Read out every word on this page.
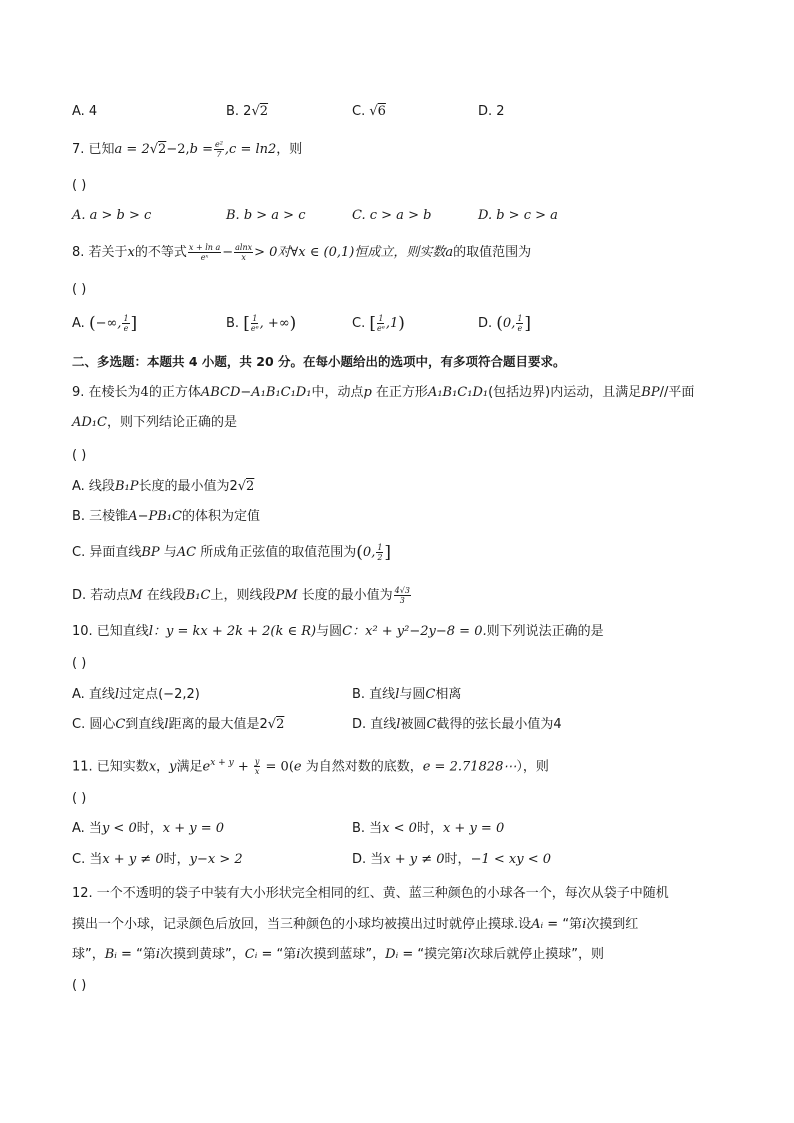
A. 4	B. 2√2	C. √6	D. 2
7. 已知$a = 2√2-2,b = \frac{\text{e²}}{7} ,c = \ln 2$，则
( )
A. a > b > c	B. b > a > c	C. c > a > b	D. b > c > a
8. 若关于x的不等式 $\frac{\text{x + ln a}}{\text{eˣ}} - \frac{alnx}{x} > 0$对∀x ∈ (0,1)恒成立，则实数a的取值范围为
( )
A. (−∞, $\frac{1}{e}$ ]	B. [ $\frac{1}{\text{eᵉ}}$ , +∞)	C. [ $\frac{1}{\text{eᵉ}} ,1$)	D. (0, $\frac{1}{e}$ ]
二、多选题：本题共 4 小题，共 20 分。在每小题给出的选项中，有多项符合题目要求。
9. 在棱长为4的正方体ABCD−A₁B₁C₁D₁中，动点p 在正方形A₁B₁C₁D₁(包括边界)内运动，且满足BP//平面
AD₁C，则下列结论正确的是
( )
A. 线段B₁P长度的最小值为2√2
B. 三棱锥A−PB₁C的体积为定值
C. 异面直线BP 与AC 所成角正弦值的取值范围为(0, $\frac{1}{2}$ ]
D. 若动点M 在线段B₁C上，则线段PM 长度的最小值为 $\frac{4√3}{3}$
10. 已知直线l：y = kx + 2k + 2(k ∈ R)与圆C：x² + y²−2y−8 = 0.则下列说法正确的是
( )
A. 直线l过定点(−2,2)	B. 直线l与圆C相离
C. 圆心C到直线l距离的最大值是2√2	D. 直线l被圆C截得的弦长最小值为4
11. 已知实数x，y满足$e^{x + y} + \frac{y}{x} = 0(e$ 为自然对数的底数，e = 2.71828⋯），则
( )
A. 当y < 0时，x + y = 0	B. 当x < 0时，x + y = 0
C. 当x + y ≠ 0时，y−x > 2	D. 当x + y ≠ 0时，−1 < xy < 0
12. 一个不透明的袋子中装有大小形状完全相同的红、黄、蓝三种颜色的小球各一个，每次从袋子中随机
摸出一个小球，记录颜色后放回，当三种颜色的小球均被摸出过时就停止摸球.设Aᵢ = “第i次摸到红
球”，Bᵢ = “第i次摸到黄球”，Cᵢ = “第i次摸到蓝球”，Dᵢ = “摸完第i次球后就停止摸球”，则
( )
